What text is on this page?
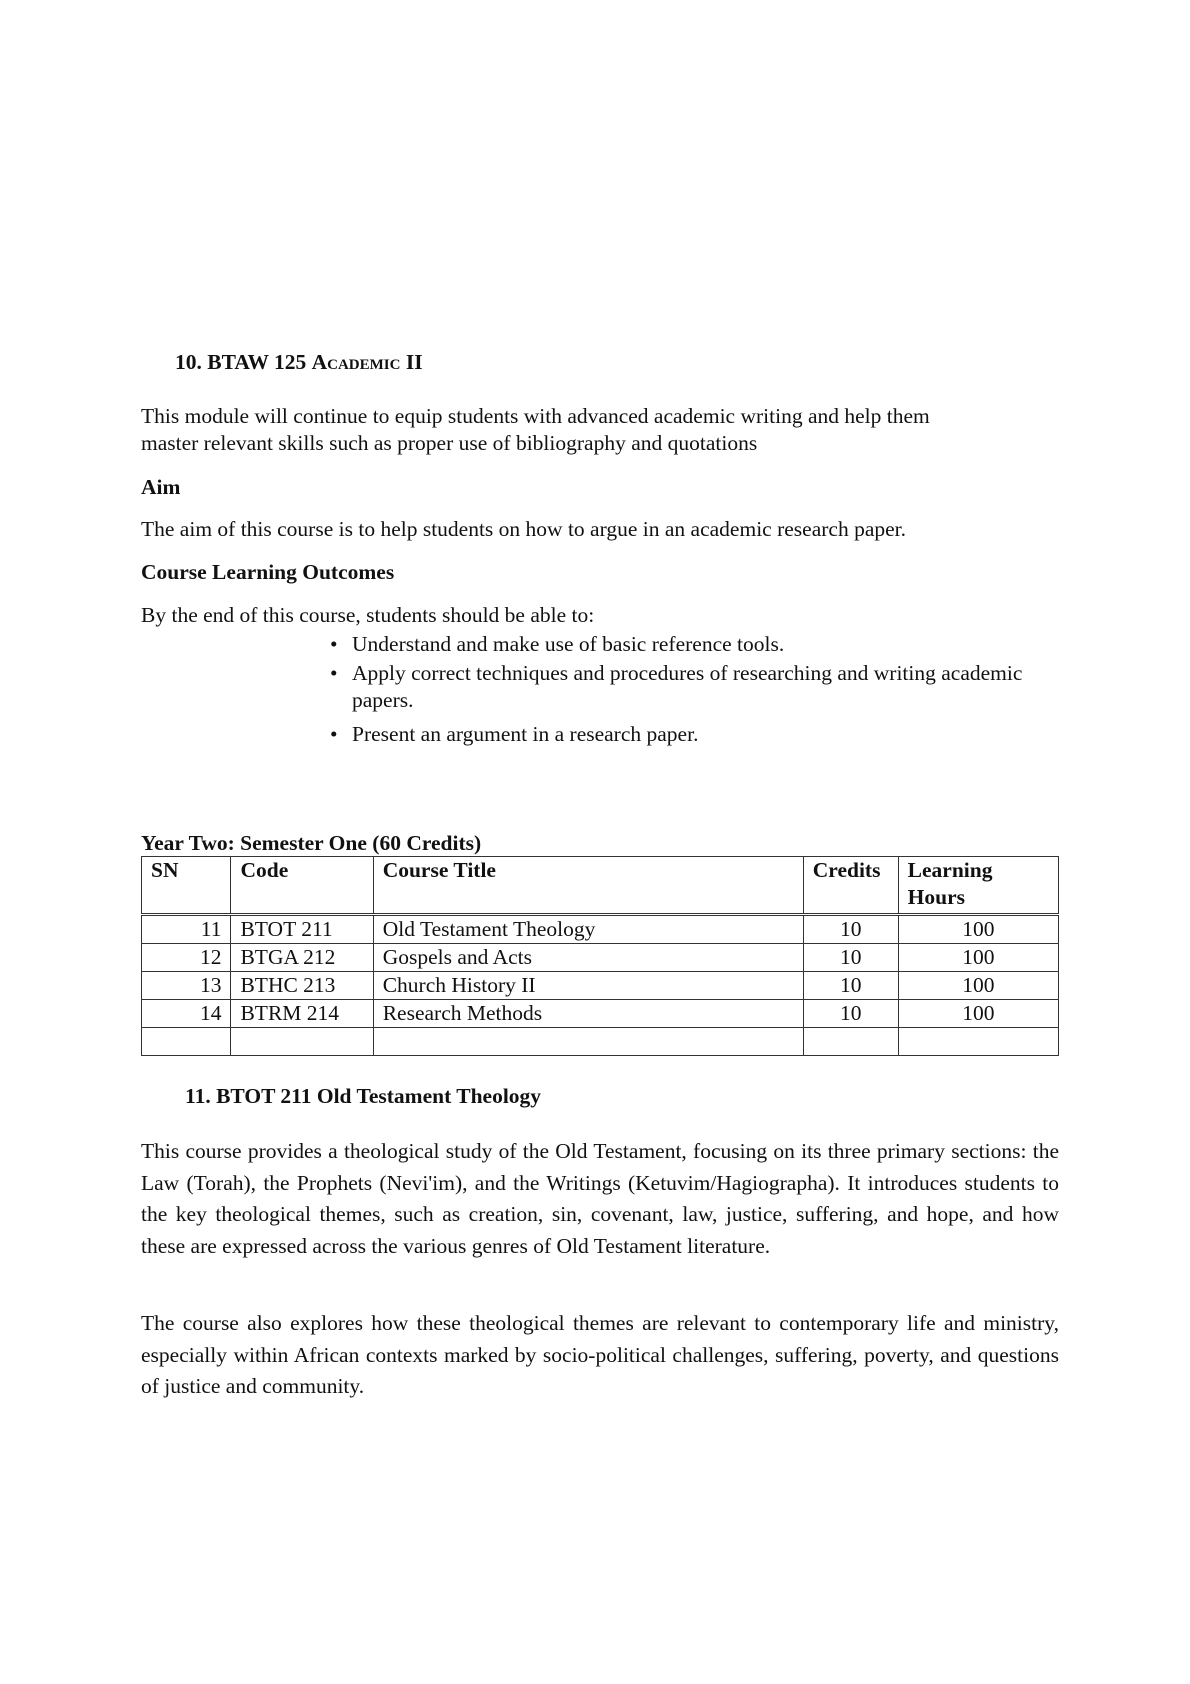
10. BTAW 125 Academic II
This module will continue to equip students with advanced academic writing and help them
master relevant skills such as proper use of bibliography and quotations
Aim
The aim of this course is to help students on how to argue in an academic research paper.
Course Learning Outcomes
By the end of this course, students should be able to:
• Understand and make use of basic reference tools.
• Apply correct techniques and procedures of researching and writing academic papers.
• Present an argument in a research paper.
Year Two: Semester One (60 Credits)
SN	Code	Course Title	Credits	Learning Hours
11	BTOT 211	Old Testament Theology	10	100
12	BTGA 212	Gospels and Acts	10	100
13	BTHC 213	Church History II	10	100
14	BTRM 214	Research Methods	10	100

11. BTOT 211 Old Testament Theology
This course provides a theological study of the Old Testament, focusing on its three primary sections: the Law (Torah), the Prophets (Nevi'im), and the Writings (Ketuvim/Hagiographa). It introduces students to the key theological themes, such as creation, sin, covenant, law, justice, suffering, and hope, and how these are expressed across the various genres of Old Testament literature.
The course also explores how these theological themes are relevant to contemporary life and ministry, especially within African contexts marked by socio-political challenges, suffering, poverty, and questions of justice and community.
